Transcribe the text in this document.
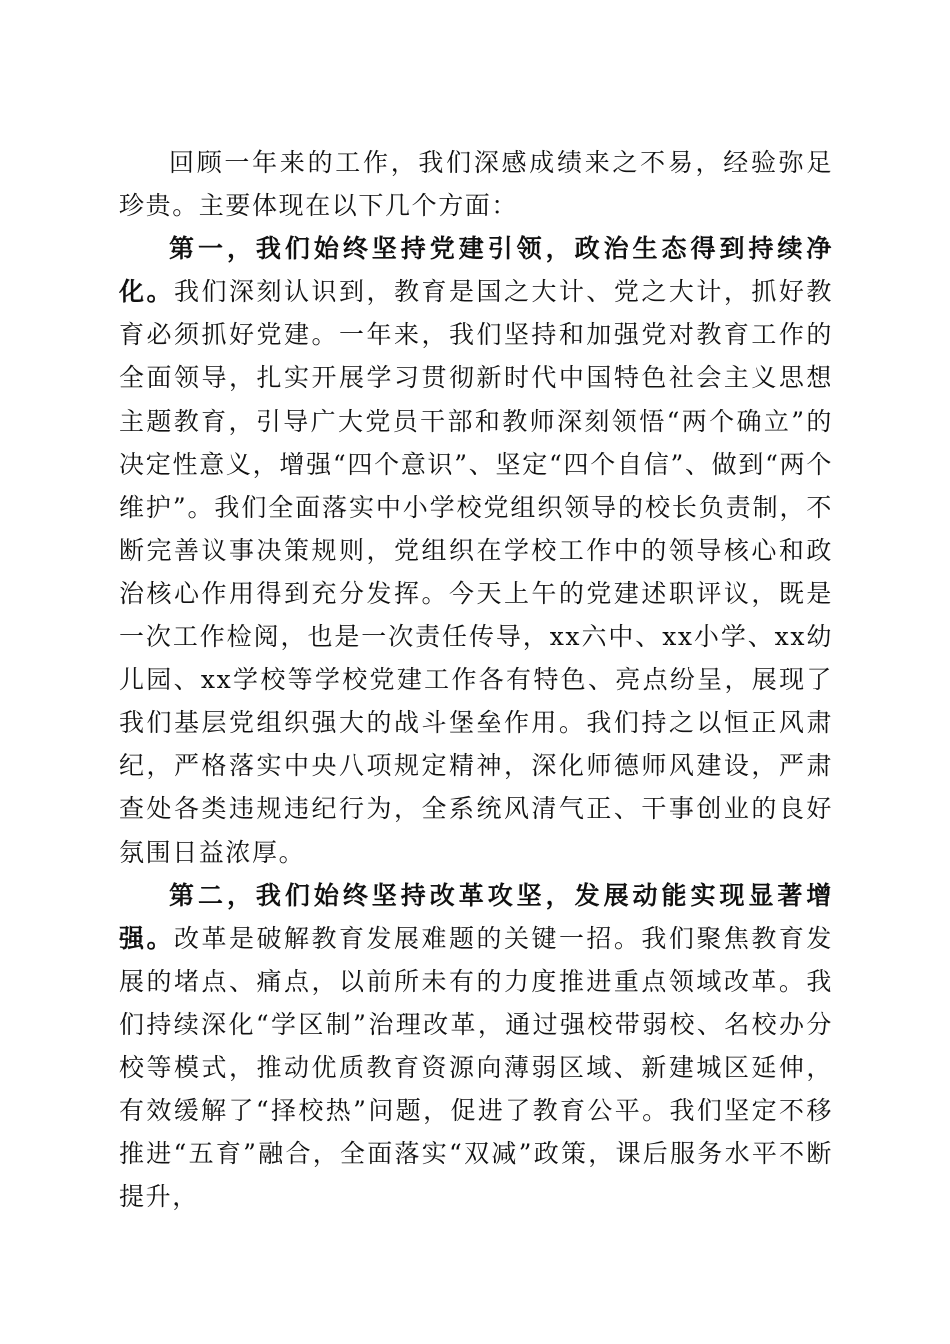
回顾一年来的工作，我们深感成绩来之不易，经验弥足珍贵。主要体现在以下几个方面：

第一，我们始终坚持党建引领，政治生态得到持续净化。我们深刻认识到，教育是国之大计、党之大计，抓好教育必须抓好党建。一年来，我们坚持和加强党对教育工作的全面领导，扎实开展学习贯彻新时代中国特色社会主义思想主题教育，引导广大党员干部和教师深刻领悟“两个确立”的决定性意义，增强“四个意识”、坚定“四个自信”、做到“两个维护”。我们全面落实中小学校党组织领导的校长负责制，不断完善议事决策规则，党组织在学校工作中的领导核心和政治核心作用得到充分发挥。今天上午的党建述职评议，既是一次工作检阅，也是一次责任传导，xx六中、xx小学、xx幼儿园、xx学校等学校党建工作各有特色、亮点纷呈，展现了我们基层党组织强大的战斗堡垒作用。我们持之以恒正风肃纪，严格落实中央八项规定精神，深化师德师风建设，严肃查处各类违规违纪行为，全系统风清气正、干事创业的良好氛围日益浓厚。

第二，我们始终坚持改革攻坚，发展动能实现显著增强。改革是破解教育发展难题的关键一招。我们聚焦教育发展的堵点、痛点，以前所未有的力度推进重点领域改革。我们持续深化“学区制”治理改革，通过强校带弱校、名校办分校等模式，推动优质教育资源向薄弱区域、新建城区延伸，有效缓解了“择校热”问题，促进了教育公平。我们坚定不移推进“五育”融合，全面落实“双减”政策，课后服务水平不断提升，
